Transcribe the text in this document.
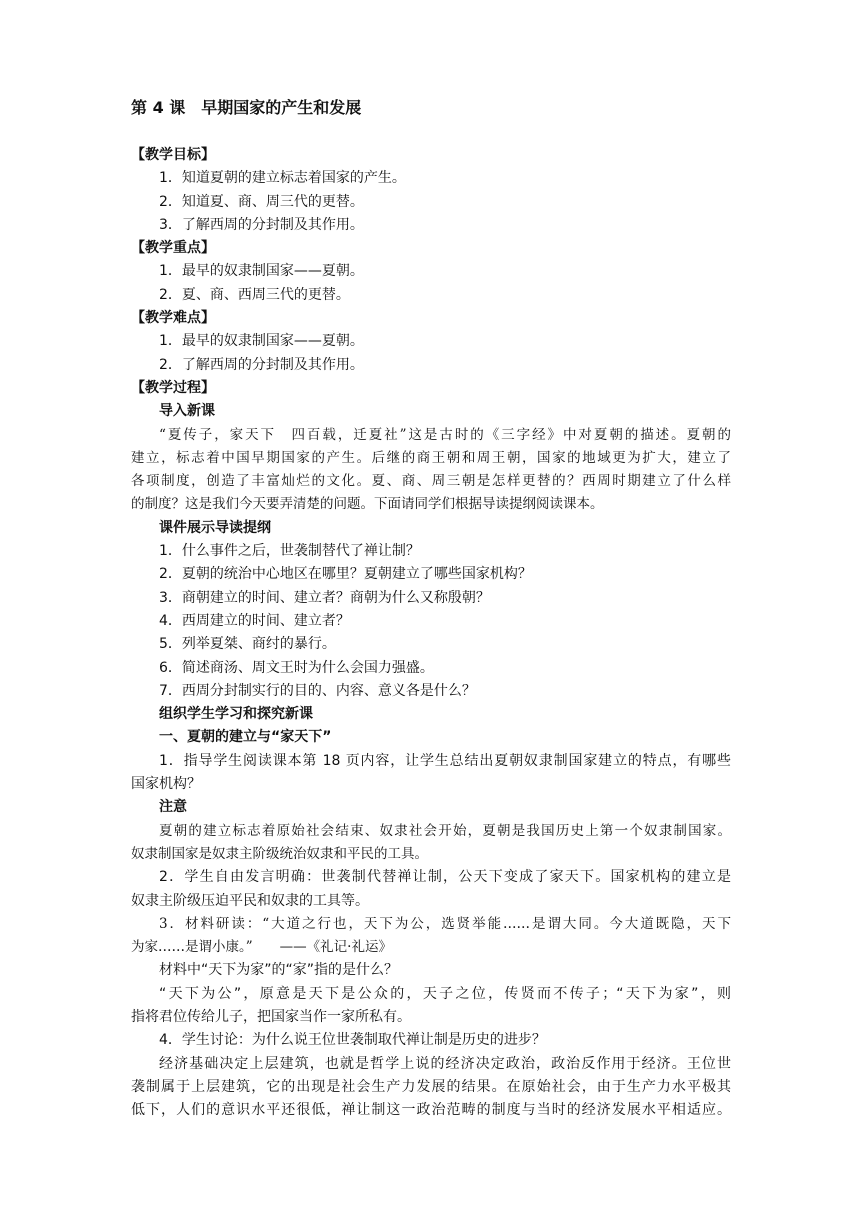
第 4 课　早期国家的产生和发展
【教学目标】
1．知道夏朝的建立标志着国家的产生。
2．知道夏、商、周三代的更替。
3．了解西周的分封制及其作用。
【教学重点】
1．最早的奴隶制国家——夏朝。
2．夏、商、西周三代的更替。
【教学难点】
1．最早的奴隶制国家——夏朝。
2．了解西周的分封制及其作用。
【教学过程】
导入新课
“夏传子，家天下　四百载，迁夏社”这是古时的《三字经》中对夏朝的描述。夏朝的
建立，标志着中国早期国家的产生。后继的商王朝和周王朝，国家的地域更为扩大，建立了
各项制度，创造了丰富灿烂的文化。夏、商、周三朝是怎样更替的？西周时期建立了什么样
的制度？这是我们今天要弄清楚的问题。下面请同学们根据导读提纲阅读课本。
课件展示导读提纲
1．什么事件之后，世袭制替代了禅让制？
2．夏朝的统治中心地区在哪里？夏朝建立了哪些国家机构？
3．商朝建立的时间、建立者？商朝为什么又称殷朝？
4．西周建立的时间、建立者？
5．列举夏桀、商纣的暴行。
6．简述商汤、周文王时为什么会国力强盛。
7．西周分封制实行的目的、内容、意义各是什么？
组织学生学习和探究新课
一、夏朝的建立与“家天下”
1．指导学生阅读课本第 18 页内容，让学生总结出夏朝奴隶制国家建立的特点，有哪些
国家机构？
注意
夏朝的建立标志着原始社会结束、奴隶社会开始，夏朝是我国历史上第一个奴隶制国家。
奴隶制国家是奴隶主阶级统治奴隶和平民的工具。
2．学生自由发言明确：世袭制代替禅让制，公天下变成了家天下。国家机构的建立是
奴隶主阶级压迫平民和奴隶的工具等。
3．材料研读：“大道之行也，天下为公，选贤举能……是谓大同。今大道既隐，天下
为家……是谓小康。”　　——《礼记·礼运》
材料中“天下为家”的“家”指的是什么？
“天下为公”，原意是天下是公众的，天子之位，传贤而不传子；“天下为家”，则
指将君位传给儿子，把国家当作一家所私有。
4．学生讨论：为什么说王位世袭制取代禅让制是历史的进步？
经济基础决定上层建筑，也就是哲学上说的经济决定政治，政治反作用于经济。王位世
袭制属于上层建筑，它的出现是社会生产力发展的结果。在原始社会，由于生产力水平极其
低下，人们的意识水平还很低，禅让制这一政治范畴的制度与当时的经济发展水平相适应。
